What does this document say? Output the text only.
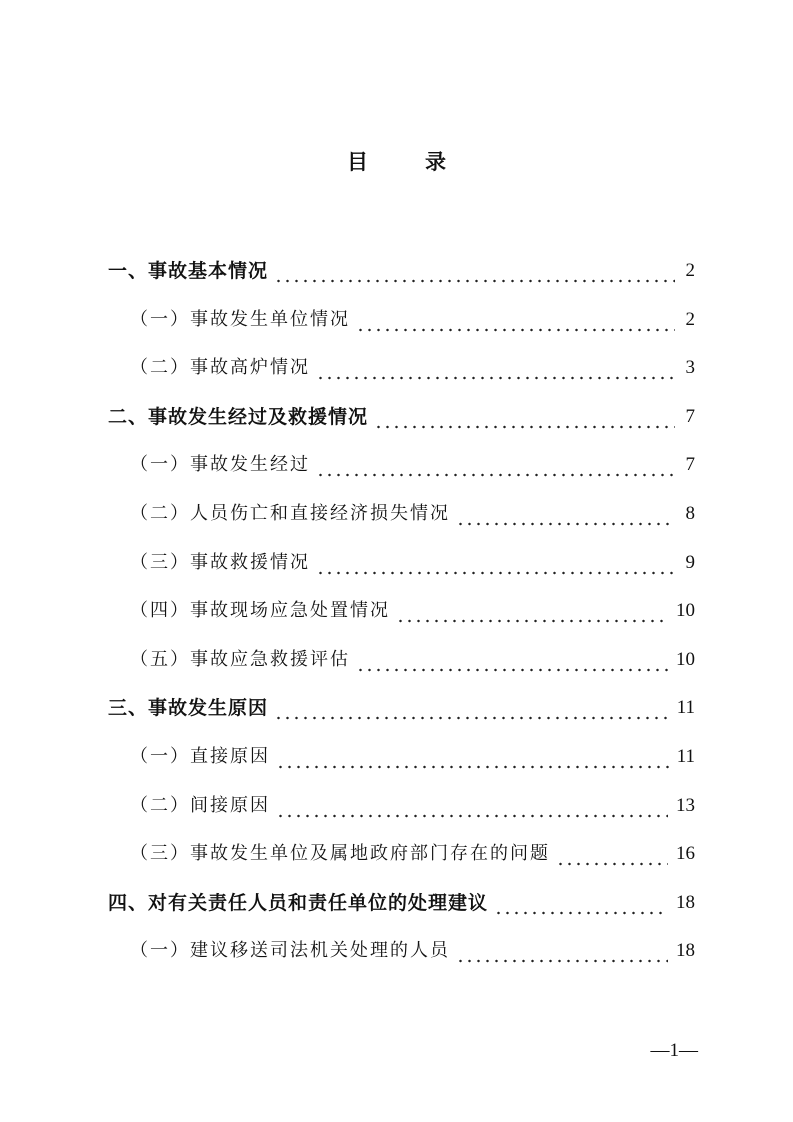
目　录
一、事故基本情况	2
（一）事故发生单位情况	2
（二）事故高炉情况	3
二、事故发生经过及救援情况	7
（一）事故发生经过	7
（二）人员伤亡和直接经济损失情况	8
（三）事故救援情况	9
（四）事故现场应急处置情况	10
（五）事故应急救援评估	10
三、事故发生原因	11
（一）直接原因	11
（二）间接原因	13
（三）事故发生单位及属地政府部门存在的问题	16
四、对有关责任人员和责任单位的处理建议	18
（一）建议移送司法机关处理的人员	18
—1—
